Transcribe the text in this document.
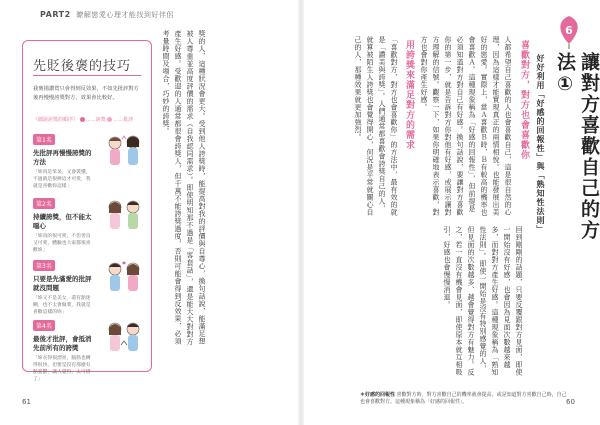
PART2 瞭解戀愛心理才能找到好伴侶
先貶後褒的技巧
我褒揚讚賞只會得到反效果，不如先批評對方後再慢慢誇獎對方，效果會比較好。
《細說誇獎的順序》 ……誇獎 ……批評
第1名
先批評再慢慢誇獎的方法
「妳真是笨呆，又會裝懂。不過就是很棒這才可愛，我就是喜歡妳這樣」
第2名
持續誇獎，但不能太噁心
「妳真的很可愛，不但善良又可愛，體驗也大家都很喜歡妳」
第3名
只要是先滿愛的批評就沒問題
「妳又不是美女，還有點迷糊，也不太會做菜，我就是喜歡這樣的妳」
第4名
最後才批評，會抵消先前所有的誇獎
「妳長得很漂亮，腦筋也轉得很快，但要是沒有那麼有點憂鬱，讓人覺得，太可惜了」
獎的人，這種狀況會更大。受到他人誇獎時，能提高對我的評價與自尊心，換句話說，能滿足想被人尊重並高度評價的需求（自我認同需求）。即使明知那不過是「客套話」，還是能大大對對方產生好感。受歡迎的人通常都很會誇獎人，但千萬不能誇獎過度，否則可能會得到反效果，必須考量時間及場合，巧妙的誇獎。
61
6
讓對方喜歡自己的方法①
好好利用「好感的回報性」與「熟知性法則」
喜歡對方，對方也會喜歡你
人都希望自己喜歡的人也會喜歡自己，這是很自然的心理，因為這樣才能實現真正的兩情相悅。也能發展出美好的戀愛。實際上，當Ａ喜歡Ｂ時，Ｂ有較高的機率也會喜歡Ａ。這種現象稱為「好感的回報性」，但前提是必須知道對方對自己有好感。換句話說，要讓對方喜歡你的第一步，就是告訴對方你對他有好感，或展示讓對方理解的信號。觀察一下，如果你明確地表示喜歡，對方也會對你產生好感。
用誇獎來滿足對方的需求
「喜歡對方，對方也會喜歡你」的方法中，最有效的就是「讚美與誇獎」。人們通常都喜歡會誇獎自己的人，就算被陌生人誇獎也會覺得開心，何況是平常就關心自己的人，那種效果就更加強烈。
回到剛剛的話題，只要反覆跟對方見面，即使一開始沒有好感，也會因為見面次數越來越多，而對對方產生好感。這種現象稱為「熟知性法則」。即使一開始是沒有特別感覺的人，但見面的次數越多、越會覺得對方有魅力。反之，若一直沒有機會見面，即使原本就互相吸引，好感也會慢慢消退。
＊好感的回報性 喜歡對方時，對方喜歡自己的機率就會提高，或是知道對方喜歡自己時，自己也會喜歡對方。這種現象稱為「好感的回報性」。	60
